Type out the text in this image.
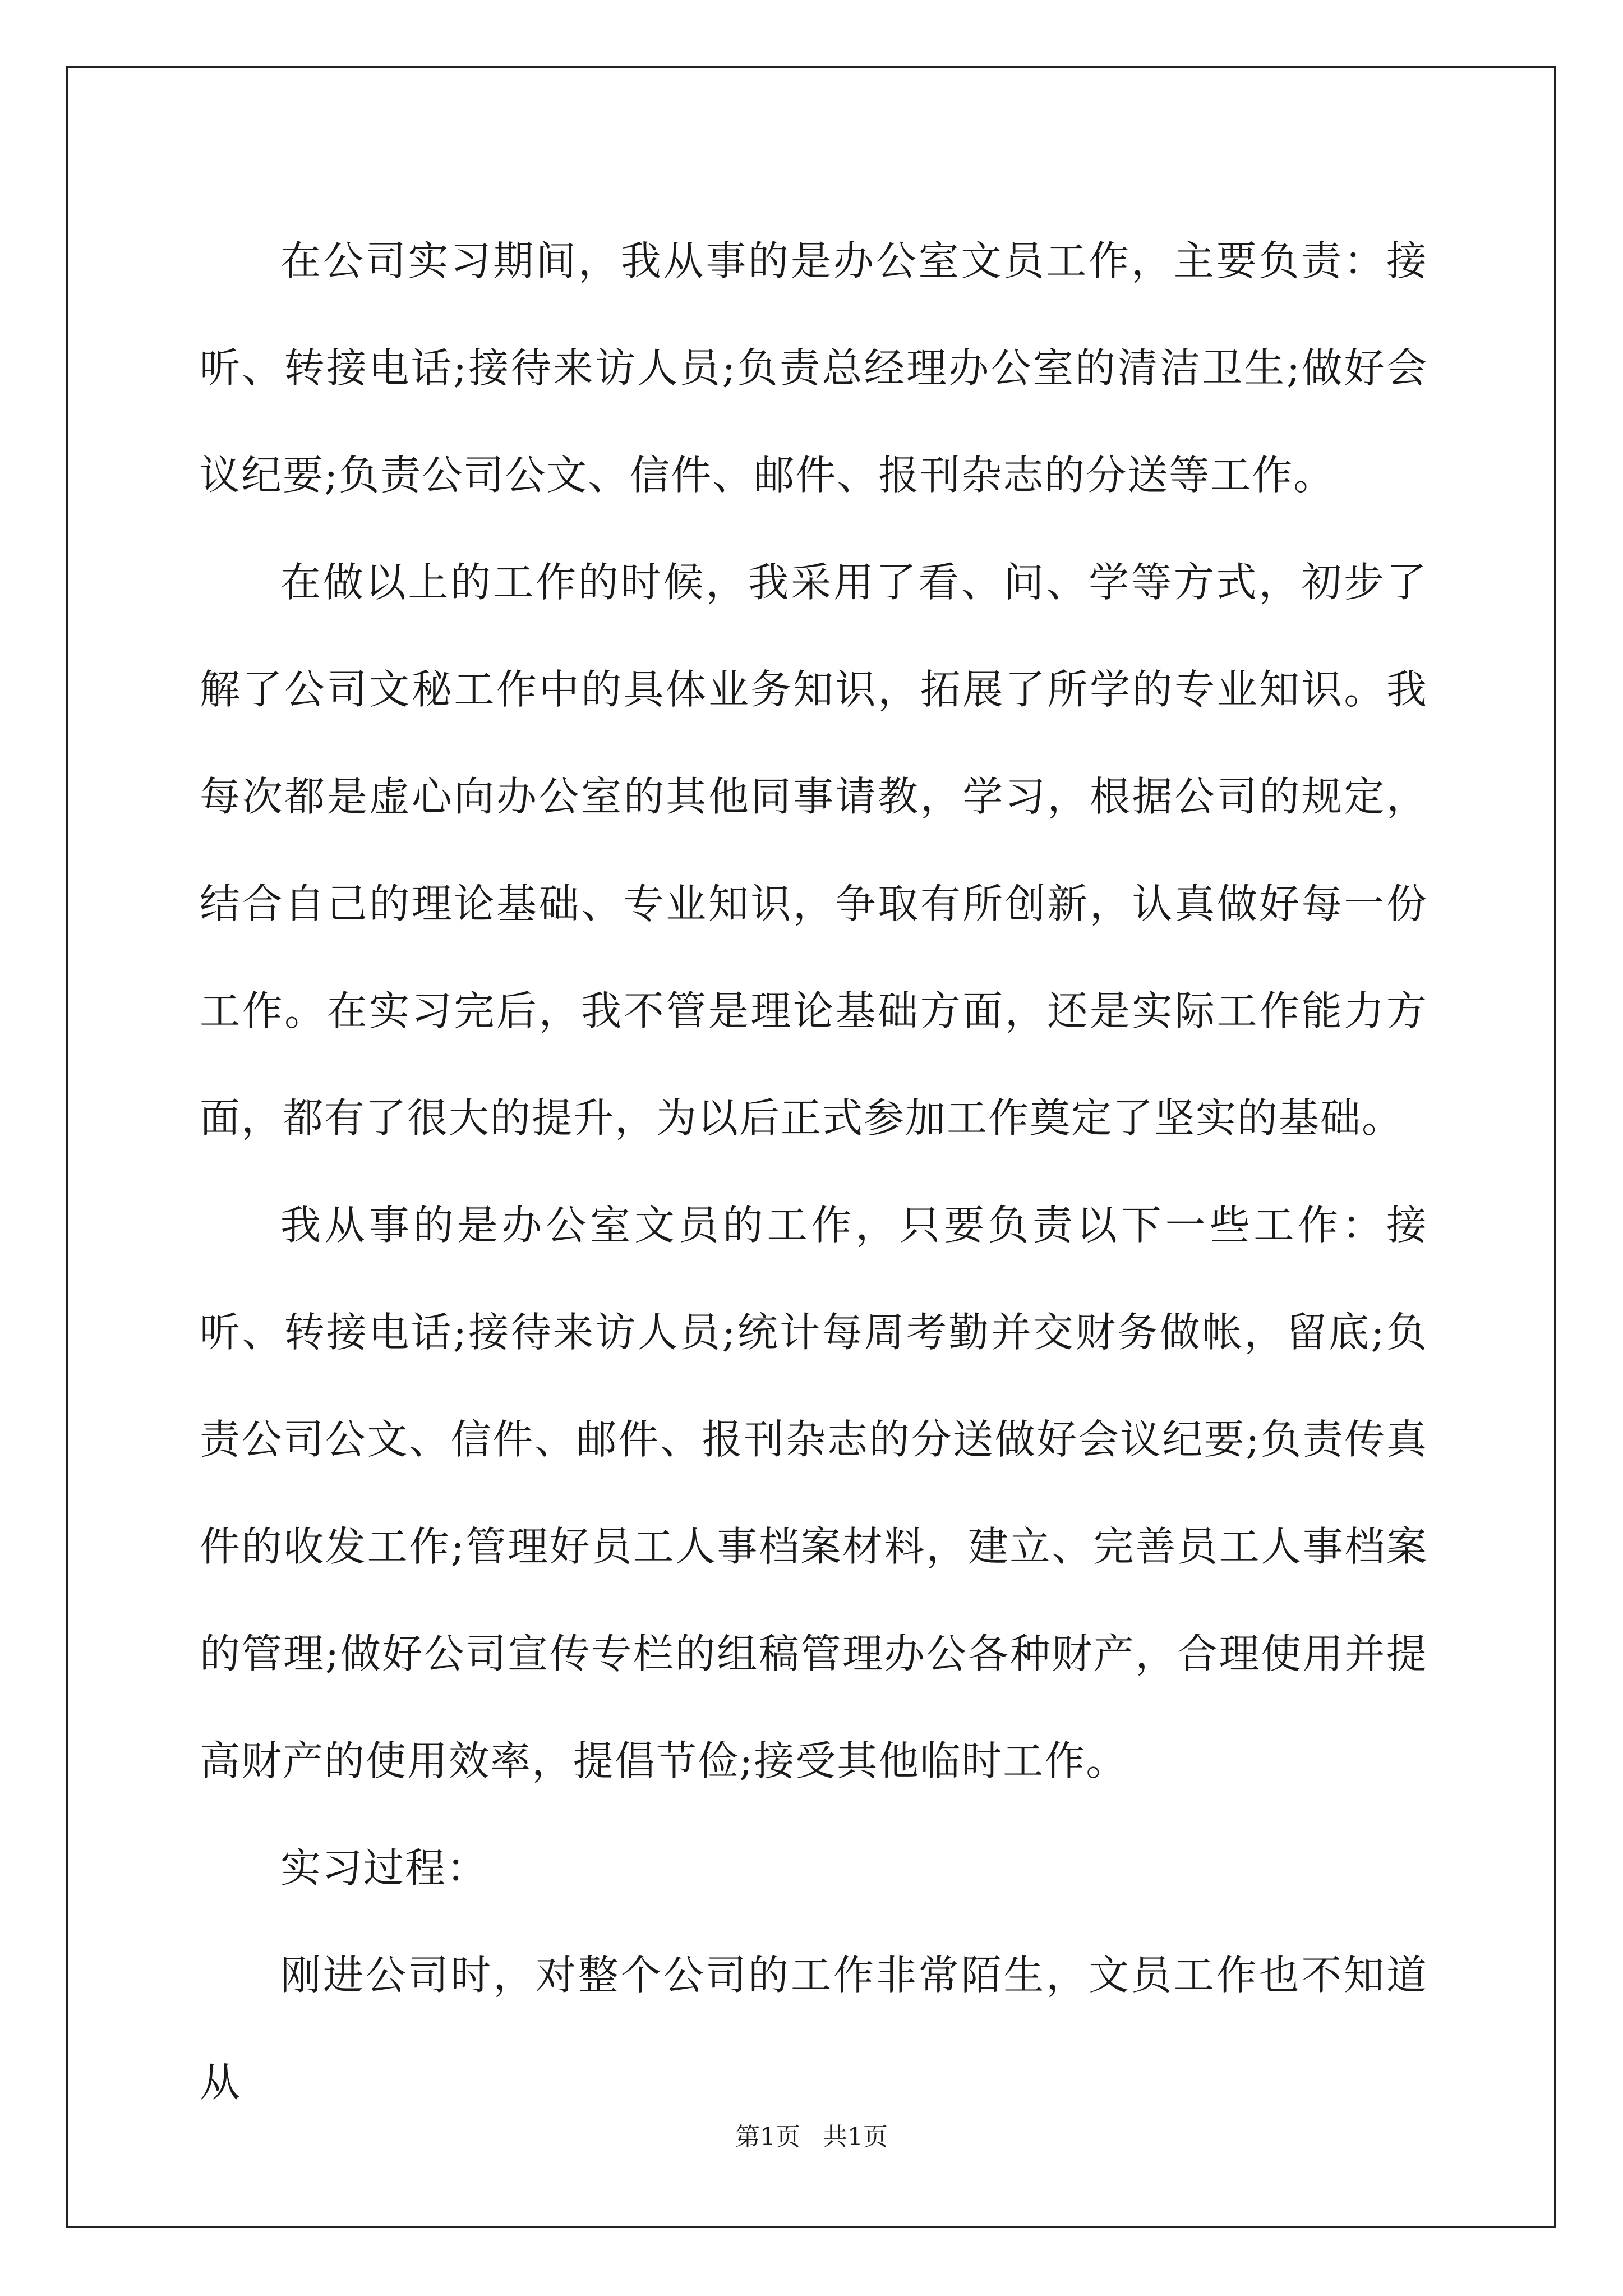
在公司实习期间，我从事的是办公室文员工作，主要负责：接听、转接电话;接待来访人员;负责总经理办公室的清洁卫生;做好会议纪要;负责公司公文、信件、邮件、报刊杂志的分送等工作。

在做以上的工作的时候，我采用了看、问、学等方式，初步了解了公司文秘工作中的具体业务知识，拓展了所学的专业知识。我每次都是虚心向办公室的其他同事请教，学习，根据公司的规定，结合自己的理论基础、专业知识，争取有所创新，认真做好每一份工作。在实习完后，我不管是理论基础方面，还是实际工作能力方面，都有了很大的提升，为以后正式参加工作奠定了坚实的基础。

我从事的是办公室文员的工作，只要负责以下一些工作：接听、转接电话;接待来访人员;统计每周考勤并交财务做帐，留底;负责公司公文、信件、邮件、报刊杂志的分送做好会议纪要;负责传真件的收发工作;管理好员工人事档案材料，建立、完善员工人事档案的管理;做好公司宣传专栏的组稿管理办公各种财产，合理使用并提高财产的使用效率，提倡节俭;接受其他临时工作。

实习过程：

刚进公司时，对整个公司的工作非常陌生，文员工作也不知道从

第1页 共1页
